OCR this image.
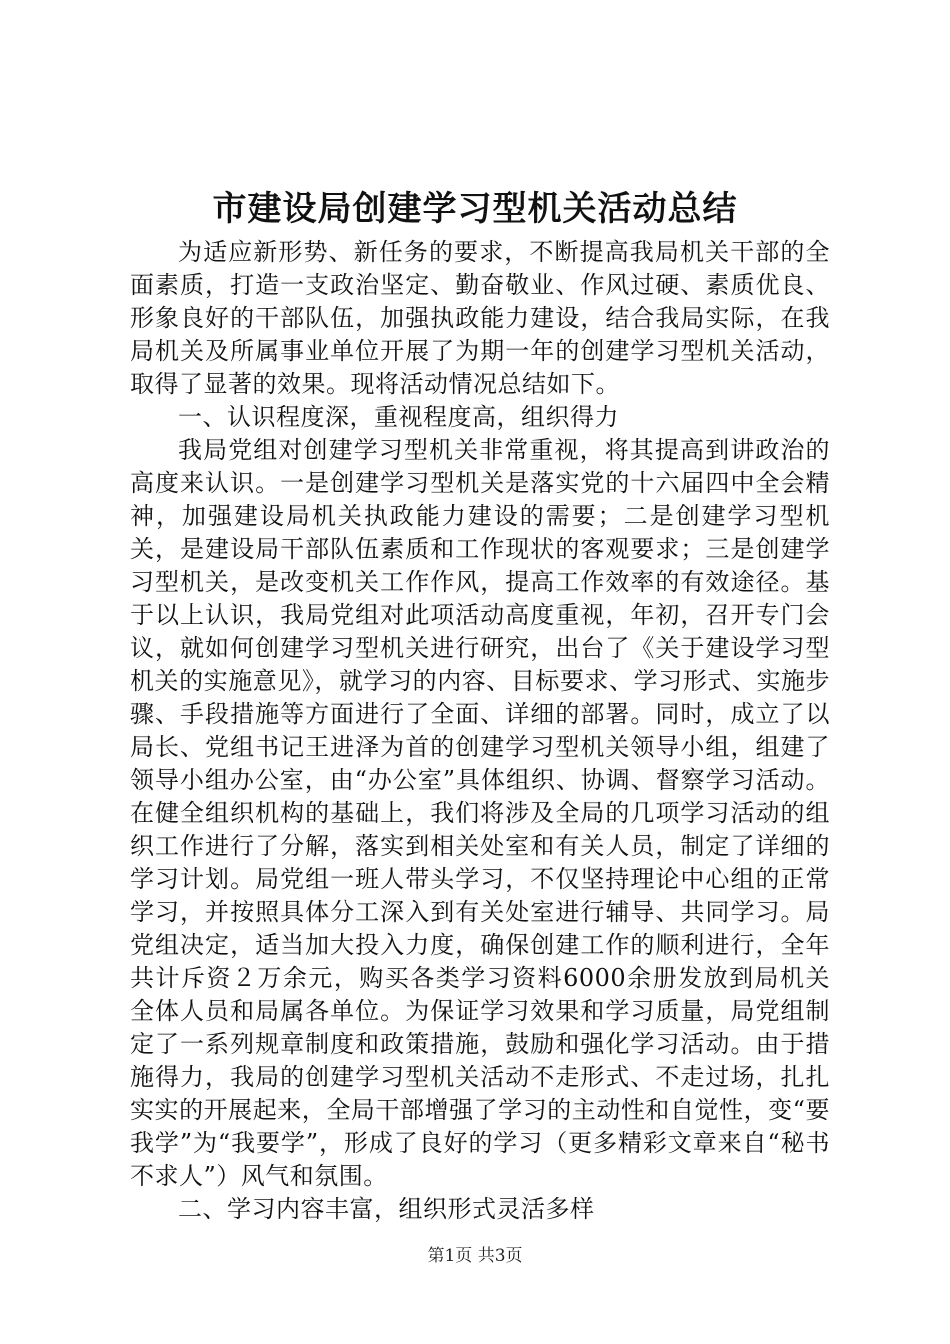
市建设局创建学习型机关活动总结

为适应新形势、新任务的要求，不断提高我局机关干部的全面素质，打造一支政治坚定、勤奋敬业、作风过硬、素质优良、形象良好的干部队伍，加强执政能力建设，结合我局实际，在我局机关及所属事业单位开展了为期一年的创建学习型机关活动，取得了显著的效果。现将活动情况总结如下。

一、认识程度深，重视程度高，组织得力

我局党组对创建学习型机关非常重视，将其提高到讲政治的高度来认识。一是创建学习型机关是落实党的十六届四中全会精神，加强建设局机关执政能力建设的需要；二是创建学习型机关，是建设局干部队伍素质和工作现状的客观要求；三是创建学习型机关，是改变机关工作作风，提高工作效率的有效途径。基于以上认识，我局党组对此项活动高度重视，年初，召开专门会议，就如何创建学习型机关进行研究，出台了《关于建设学习型机关的实施意见》，就学习的内容、目标要求、学习形式、实施步骤、手段措施等方面进行了全面、详细的部署。同时，成立了以局长、党组书记王进泽为首的创建学习型机关领导小组，组建了领导小组办公室，由“办公室”具体组织、协调、督察学习活动。在健全组织机构的基础上，我们将涉及全局的几项学习活动的组织工作进行了分解，落实到相关处室和有关人员，制定了详细的学习计划。局党组一班人带头学习，不仅坚持理论中心组的正常学习，并按照具体分工深入到有关处室进行辅导、共同学习。局党组决定，适当加大投入力度，确保创建工作的顺利进行，全年共计斥资２万余元，购买各类学习资料6000余册发放到局机关全体人员和局属各单位。为保证学习效果和学习质量，局党组制定了一系列规章制度和政策措施，鼓励和强化学习活动。由于措施得力，我局的创建学习型机关活动不走形式、不走过场，扎扎实实的开展起来，全局干部增强了学习的主动性和自觉性，变“要我学”为“我要学”，形成了良好的学习（更多精彩文章来自“秘书不求人”）风气和氛围。

二、学习内容丰富，组织形式灵活多样

第1页 共3页
